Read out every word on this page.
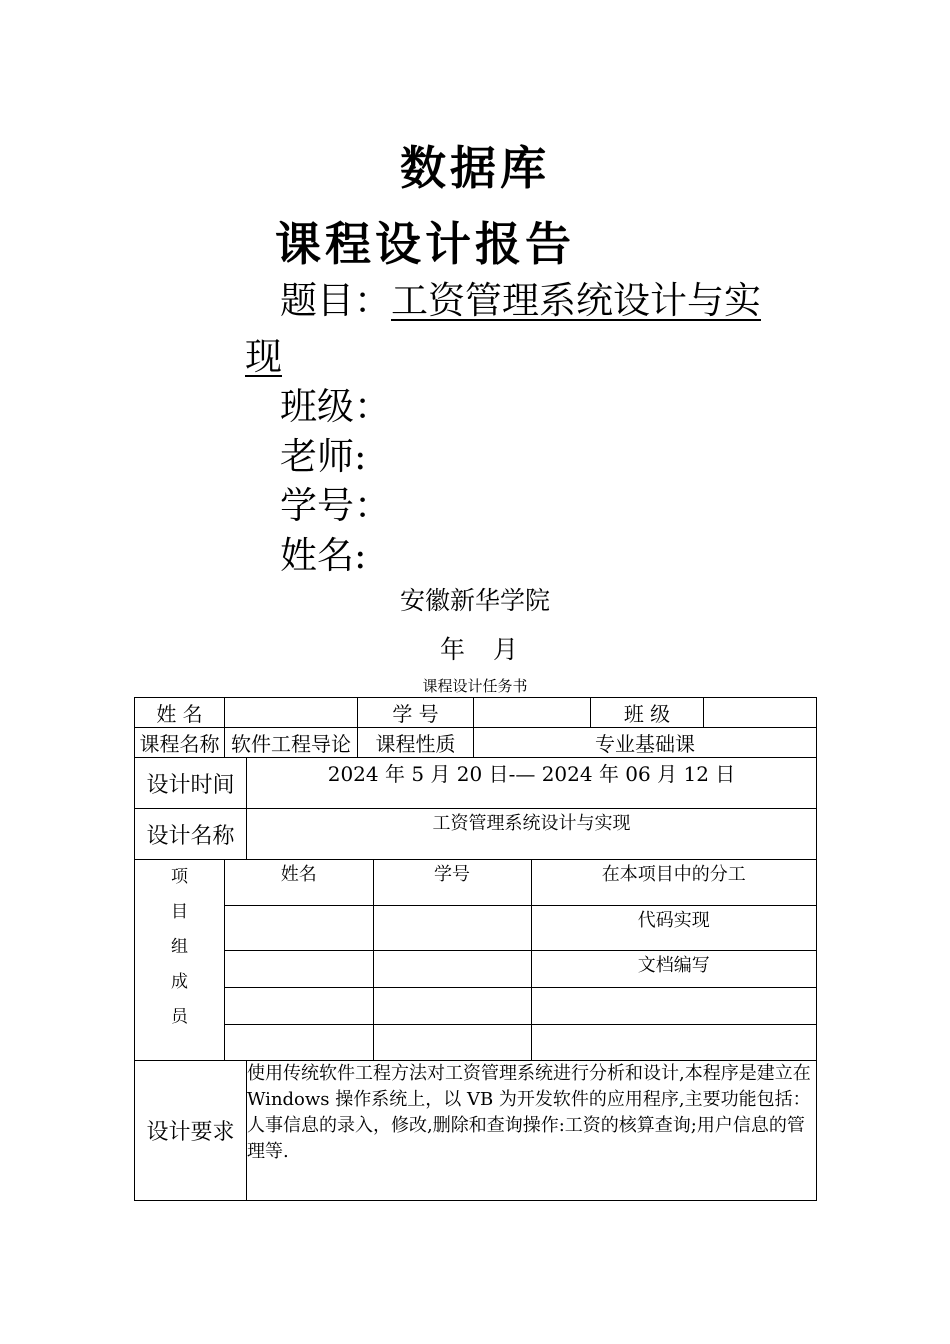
数据库
课程设计报告
题目：工资管理系统设计与实
现
班级：
老师:
学号：
姓名:
安徽新华学院
年 月
课程设计任务书
姓 名		学 号		班 级	
课程名称	软件工程导论	课程性质	专业基础课
设计时间	2024 年 5 月 20 日-— 2024 年 06 月 12 日
设计名称	工资管理系统设计与实现

项
目
组
成
员

姓名	学号	在本项目中的分工
		代码实现
		文档编写

设计要求	使用传统软件工程方法对工资管理系统进行分析和设计,本程序是建立在 Windows 操作系统上，以 VB 为开发软件的应用程序,主要功能包括：人事信息的录入，修改,删除和查询操作:工资的核算查询;用户信息的管理等.
